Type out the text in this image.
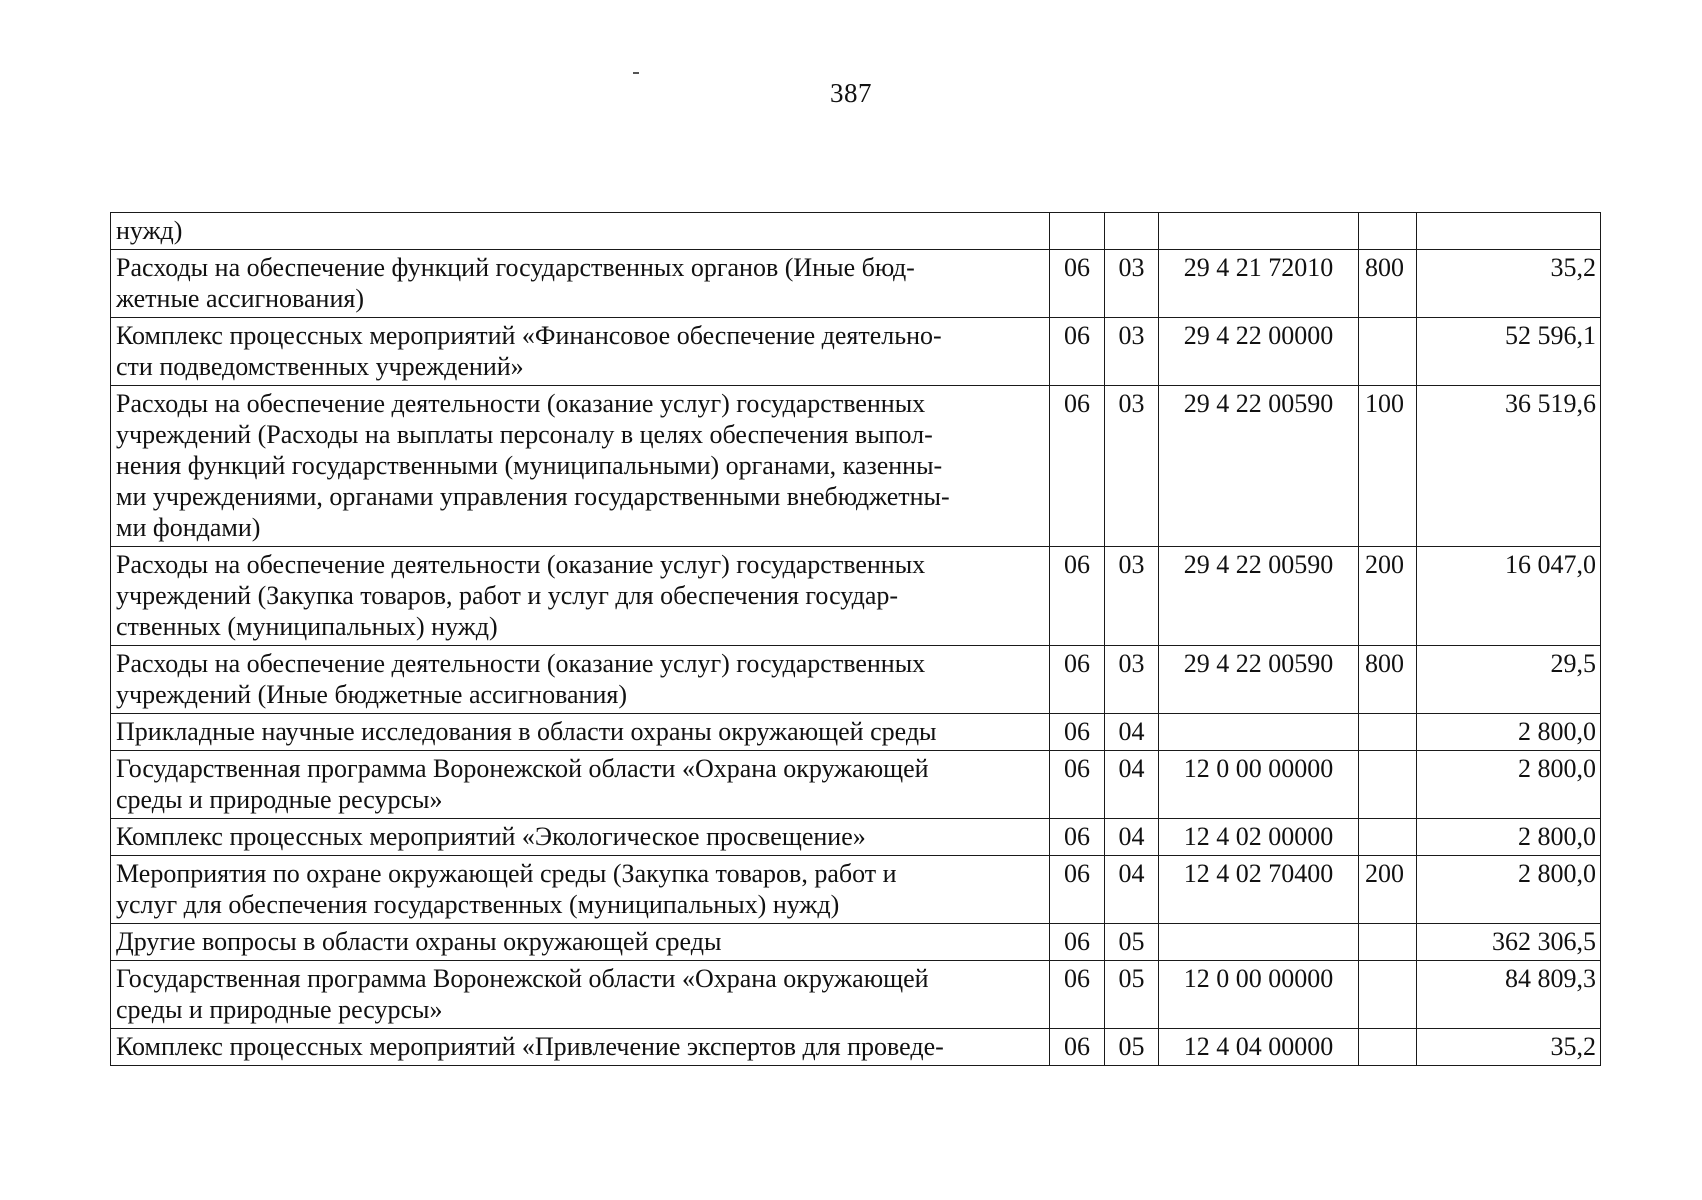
387
нужд)					
Расходы на обеспечение функций государственных органов (Иные бюд-
жетные ассигнования)	06	03	29 4 21 72010	800	35,2
Комплекс процессных мероприятий «Финансовое обеспечение деятельно-
сти подведомственных учреждений»	06	03	29 4 22 00000		52 596,1
Расходы на обеспечение деятельности (оказание услуг) государственных
учреждений (Расходы на выплаты персоналу в целях обеспечения выпол-
нения функций государственными (муниципальными) органами, казенны-
ми учреждениями, органами управления государственными внебюджетны-
ми фондами)	06	03	29 4 22 00590	100	36 519,6
Расходы на обеспечение деятельности (оказание услуг) государственных
учреждений (Закупка товаров, работ и услуг для обеспечения государ-
ственных (муниципальных) нужд)	06	03	29 4 22 00590	200	16 047,0
Расходы на обеспечение деятельности (оказание услуг) государственных
учреждений (Иные бюджетные ассигнования)	06	03	29 4 22 00590	800	29,5
Прикладные научные исследования в области охраны окружающей среды	06	04			2 800,0
Государственная программа Воронежской области «Охрана окружающей
среды и природные ресурсы»	06	04	12 0 00 00000		2 800,0
Комплекс процессных мероприятий «Экологическое просвещение»	06	04	12 4 02 00000		2 800,0
Мероприятия по охране окружающей среды (Закупка товаров, работ и
услуг для обеспечения государственных (муниципальных) нужд)	06	04	12 4 02 70400	200	2 800,0
Другие вопросы в области охраны окружающей среды	06	05			362 306,5
Государственная программа Воронежской области «Охрана окружающей
среды и природные ресурсы»	06	05	12 0 00 00000		84 809,3
Комплекс процессных мероприятий «Привлечение экспертов для проведе-	06	05	12 4 04 00000		35,2
